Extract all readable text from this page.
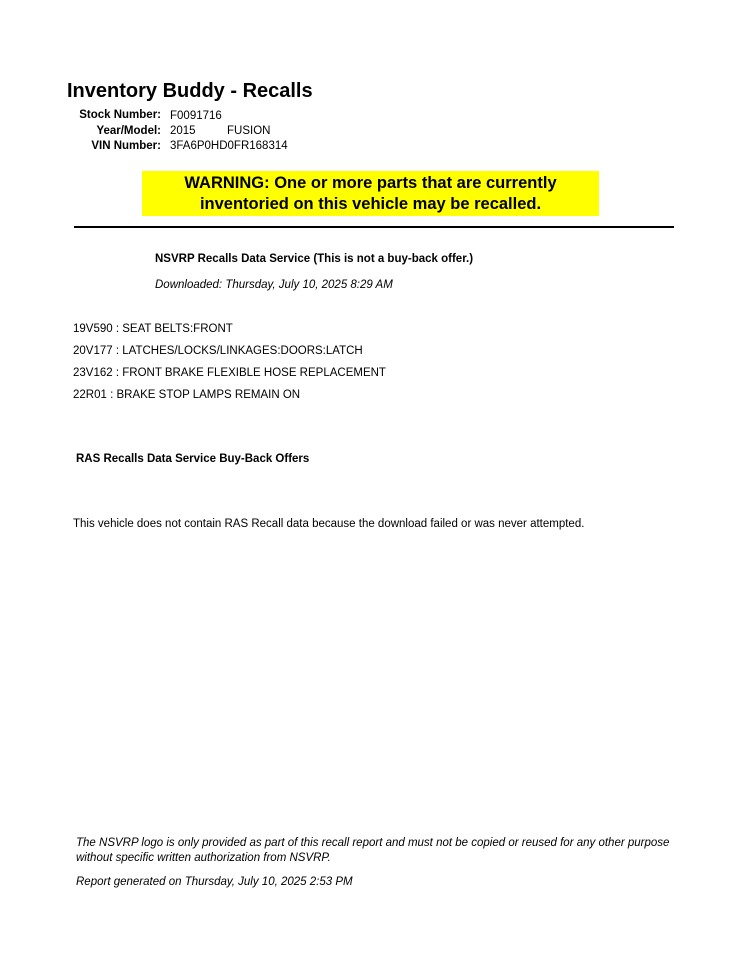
Inventory Buddy - Recalls
Stock Number: F0091716
Year/Model: 2015	FUSION
VIN Number: 3FA6P0HD0FR168314
WARNING: One or more parts that are currently
inventoried on this vehicle may be recalled.
NSVRP Recalls Data Service (This is not a buy-back offer.)
Downloaded: Thursday, July 10, 2025 8:29 AM
19V590 : SEAT BELTS:FRONT
20V177 : LATCHES/LOCKS/LINKAGES:DOORS:LATCH
23V162 : FRONT BRAKE FLEXIBLE HOSE REPLACEMENT
22R01 : BRAKE STOP LAMPS REMAIN ON
RAS Recalls Data Service Buy-Back Offers
This vehicle does not contain RAS Recall data because the download failed or was never attempted.
The NSVRP logo is only provided as part of this recall report and must not be copied or reused for any other purpose without specific written authorization from NSVRP.
Report generated on Thursday, July 10, 2025 2:53 PM
